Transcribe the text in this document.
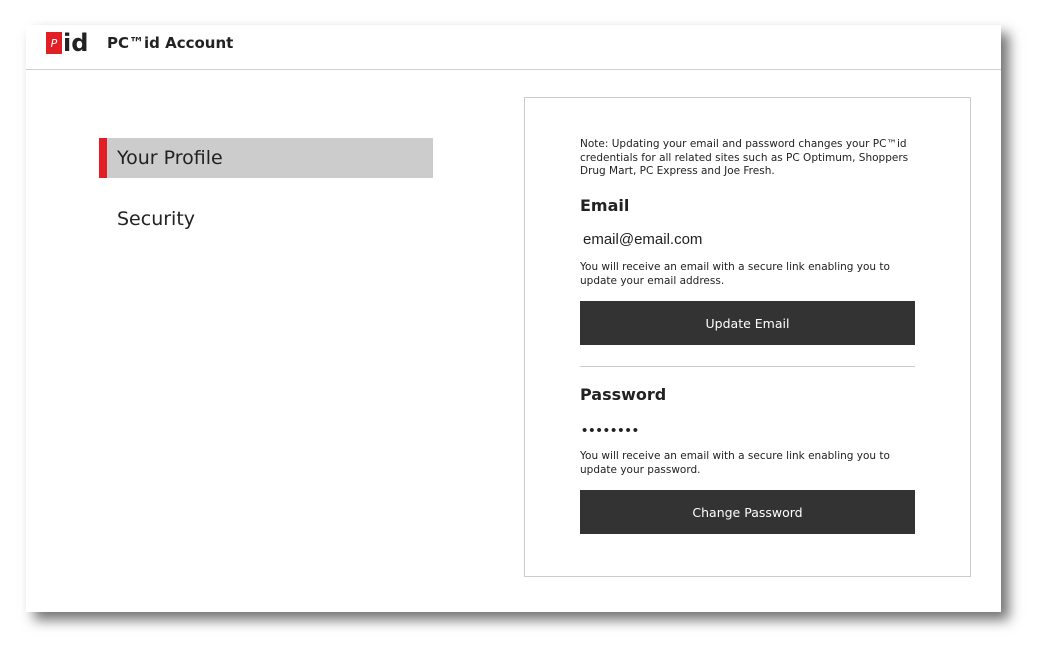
P id PC™id Account
Your Profile
Security
Note: Updating your email and password changes your PC™id credentials for all related sites such as PC Optimum, Shoppers Drug Mart, PC Express and Joe Fresh.
Email
email@email.com
You will receive an email with a secure link enabling you to update your email address.
Update Email
Password
••••••••
You will receive an email with a secure link enabling you to update your password.
Change Password
